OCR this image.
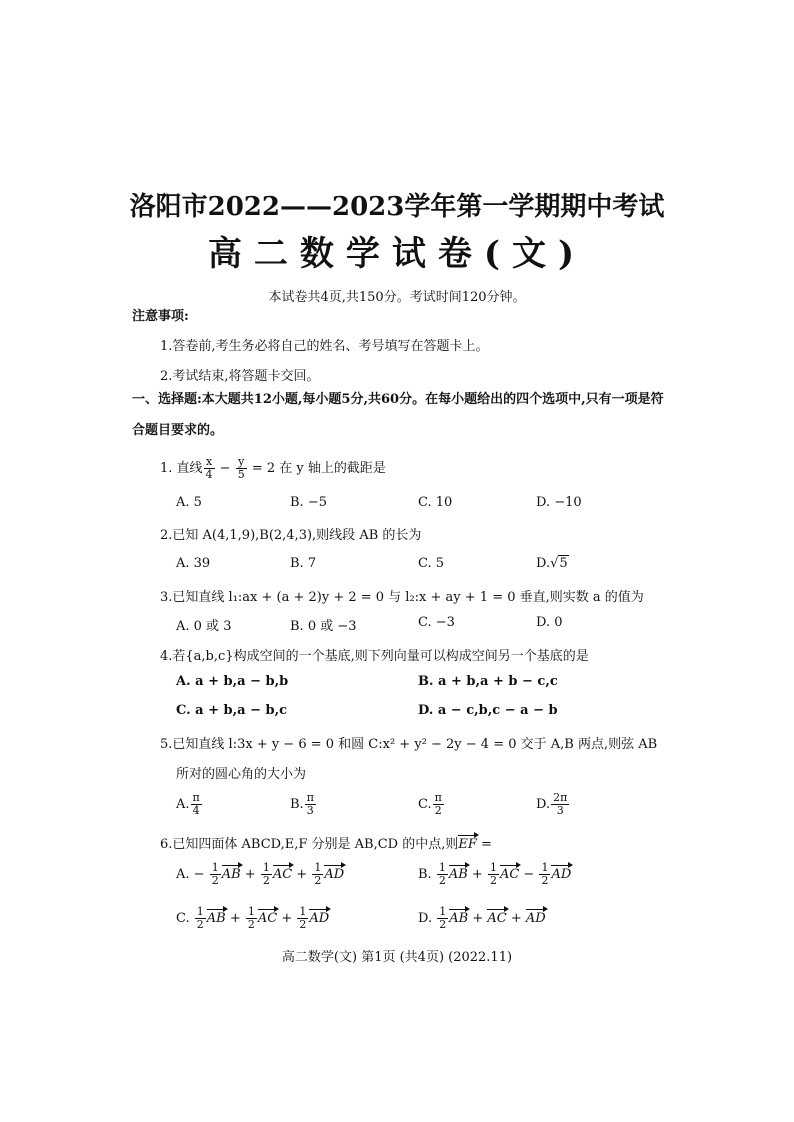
洛阳市2022——2023学年第一学期期中考试
高二数学试卷(文)
本试卷共4页,共150分。考试时间120分钟。
注意事项:
1.答卷前,考生务必将自己的姓名、考号填写在答题卡上。
2.考试结束,将答题卡交回。
一、选择题:本大题共12小题,每小题5分,共60分。在每小题给出的四个选项中,只有一项是符合题目要求的。
1. 直线 $\frac{x}{4} - \frac{y}{5} = 2$ 在 y 轴上的截距是
A. 5	B. −5	C. 10	D. −10
2.已知 A(4,1,9),B(2,4,3),则线段 AB 的长为
A. 39	B. 7	C. 5	D.√5
3.已知直线 l₁:ax + (a + 2)y + 2 = 0 与 l₂:x + ay + 1 = 0 垂直,则实数 a 的值为
A. 0 或 3	B. 0 或 −3	C. −3	D. 0
4.若{a,b,c}构成空间的一个基底,则下列向量可以构成空间另一个基底的是
A. a + b,a − b,b	B. a + b,a + b − c,c
C. a + b,a − b,c	D. a − c,b,c − a − b
5.已知直线 l:3x + y − 6 = 0 和圆 C:x² + y² − 2y − 4 = 0 交于 A,B 两点,则弦 AB
所对的圆心角的大小为
A. $\frac{\pi}{4}$	B. $\frac{\pi}{3}$	C. $\frac{\pi}{2}$	D. $\frac{2\pi}{3}$
6.已知四面体 ABCD,E,F 分别是 AB,CD 的中点,则EF =
A. − $\frac{1}{2}$ AB + $\frac{1}{2}$ AC + $\frac{1}{2}$ AD	B. $\frac{1}{2}$ AB + $\frac{1}{2}$ AC − $\frac{1}{2}$ AD
C. $\frac{1}{2}$ AB + $\frac{1}{2}$ AC + $\frac{1}{2}$ AD	D. $\frac{1}{2}$ AB + AC + AD
高二数学(文) 第1页 (共4页) (2022.11)
